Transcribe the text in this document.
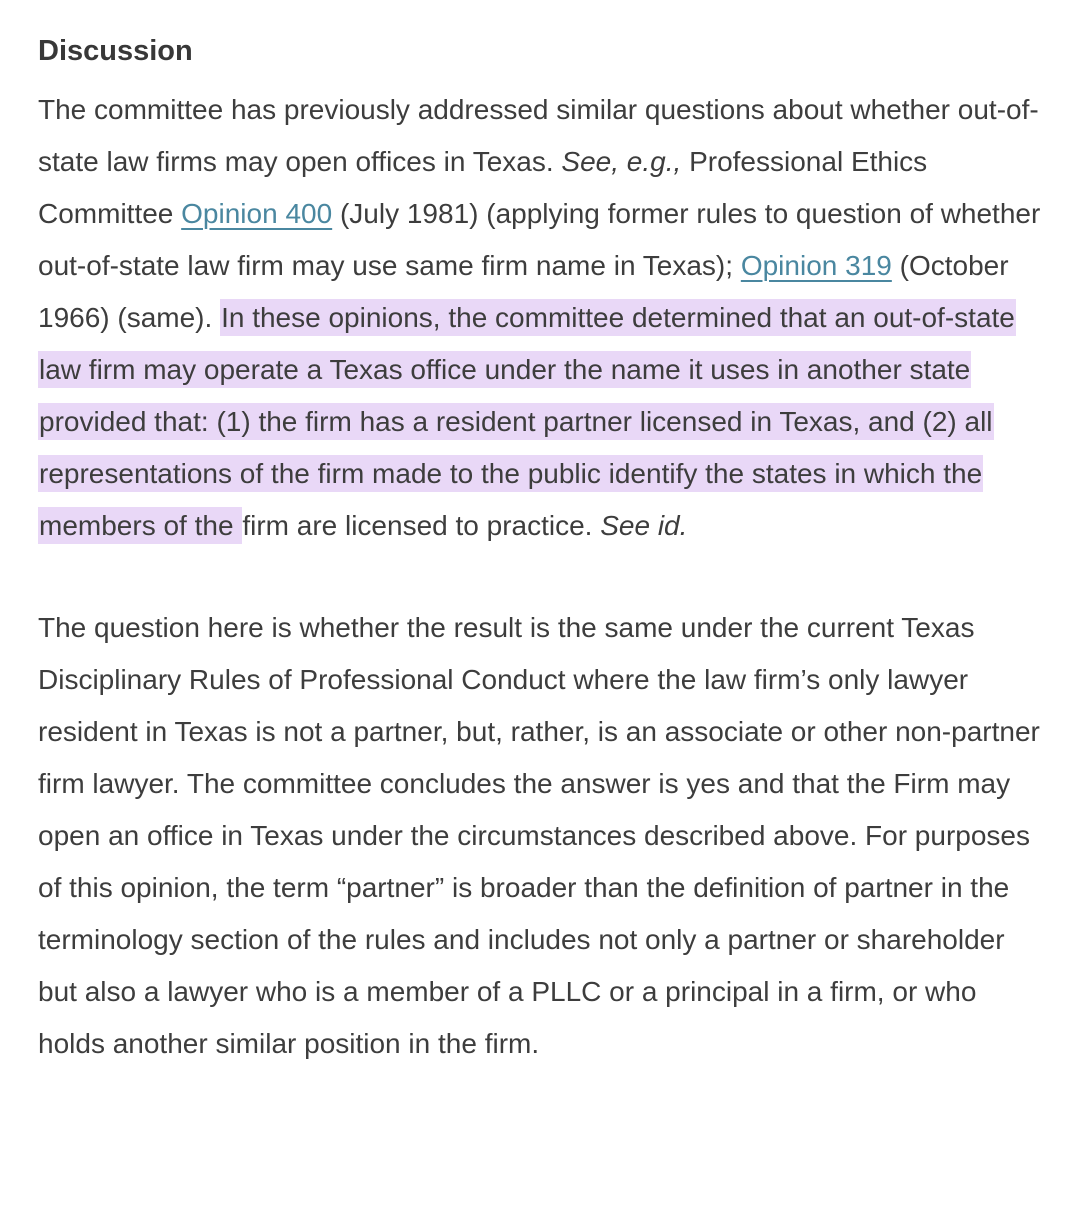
Discussion

The committee has previously addressed similar questions about whether out-of-state law firms may open offices in Texas. See, e.g., Professional Ethics Committee Opinion 400 (July 1981) (applying former rules to question of whether out-of-state law firm may use same firm name in Texas); Opinion 319 (October 1966) (same). In these opinions, the committee determined that an out-of-state law firm may operate a Texas office under the name it uses in another state provided that: (1) the firm has a resident partner licensed in Texas, and (2) all representations of the firm made to the public identify the states in which the members of the firm are licensed to practice. See id.

The question here is whether the result is the same under the current Texas Disciplinary Rules of Professional Conduct where the law firm’s only lawyer resident in Texas is not a partner, but, rather, is an associate or other non-partner firm lawyer. The committee concludes the answer is yes and that the Firm may open an office in Texas under the circumstances described above. For purposes of this opinion, the term “partner” is broader than the definition of partner in the terminology section of the rules and includes not only a partner or shareholder but also a lawyer who is a member of a PLLC or a principal in a firm, or who holds another similar position in the firm.
